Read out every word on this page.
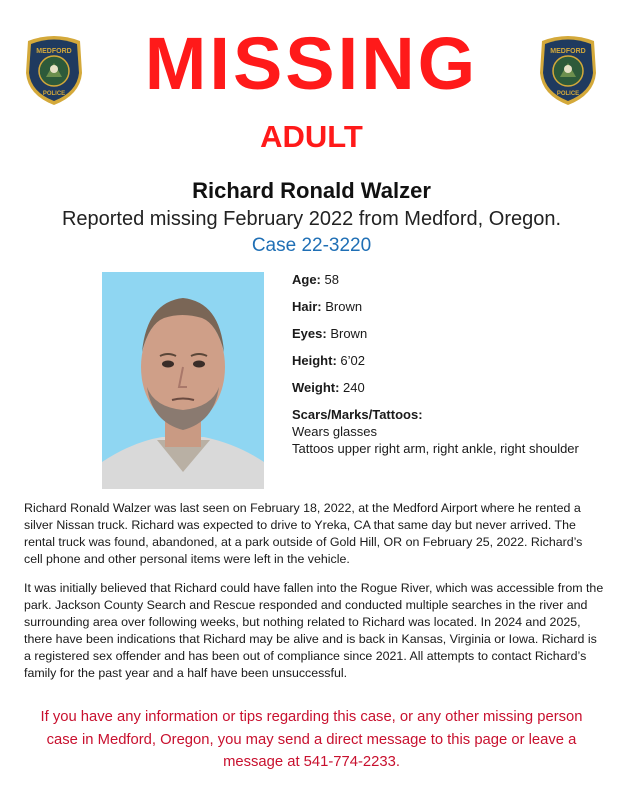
MEDFORD
POLICE
MEDFORD
POLICE
MISSING
ADULT
Richard Ronald Walzer
Reported missing February 2022 from Medford, Oregon.
Case 22-3220
Age: 58
Hair: Brown
Eyes: Brown
Height: 6’02
Weight: 240
Scars/Marks/Tattoos:
Wears glasses
Tattoos upper right arm, right ankle, right shoulder

Richard Ronald Walzer was last seen on February 18, 2022, at the Medford Airport where he rented a silver Nissan truck. Richard was expected to drive to Yreka, CA that same day but never arrived. The rental truck was found, abandoned, at a park outside of Gold Hill, OR on February 25, 2022. Richard’s cell phone and other personal items were left in the vehicle.

It was initially believed that Richard could have fallen into the Rogue River, which was accessible from the park. Jackson County Search and Rescue responded and conducted multiple searches in the river and surrounding area over following weeks, but nothing related to Richard was located. In 2024 and 2025, there have been indications that Richard may be alive and is back in Kansas, Virginia or Iowa. Richard is a registered sex offender and has been out of compliance since 2021. All attempts to contact Richard’s family for the past year and a half have been unsuccessful.

If you have any information or tips regarding this case, or any other missing person case in Medford, Oregon, you may send a direct message to this page or leave a message at 541-774-2233.
